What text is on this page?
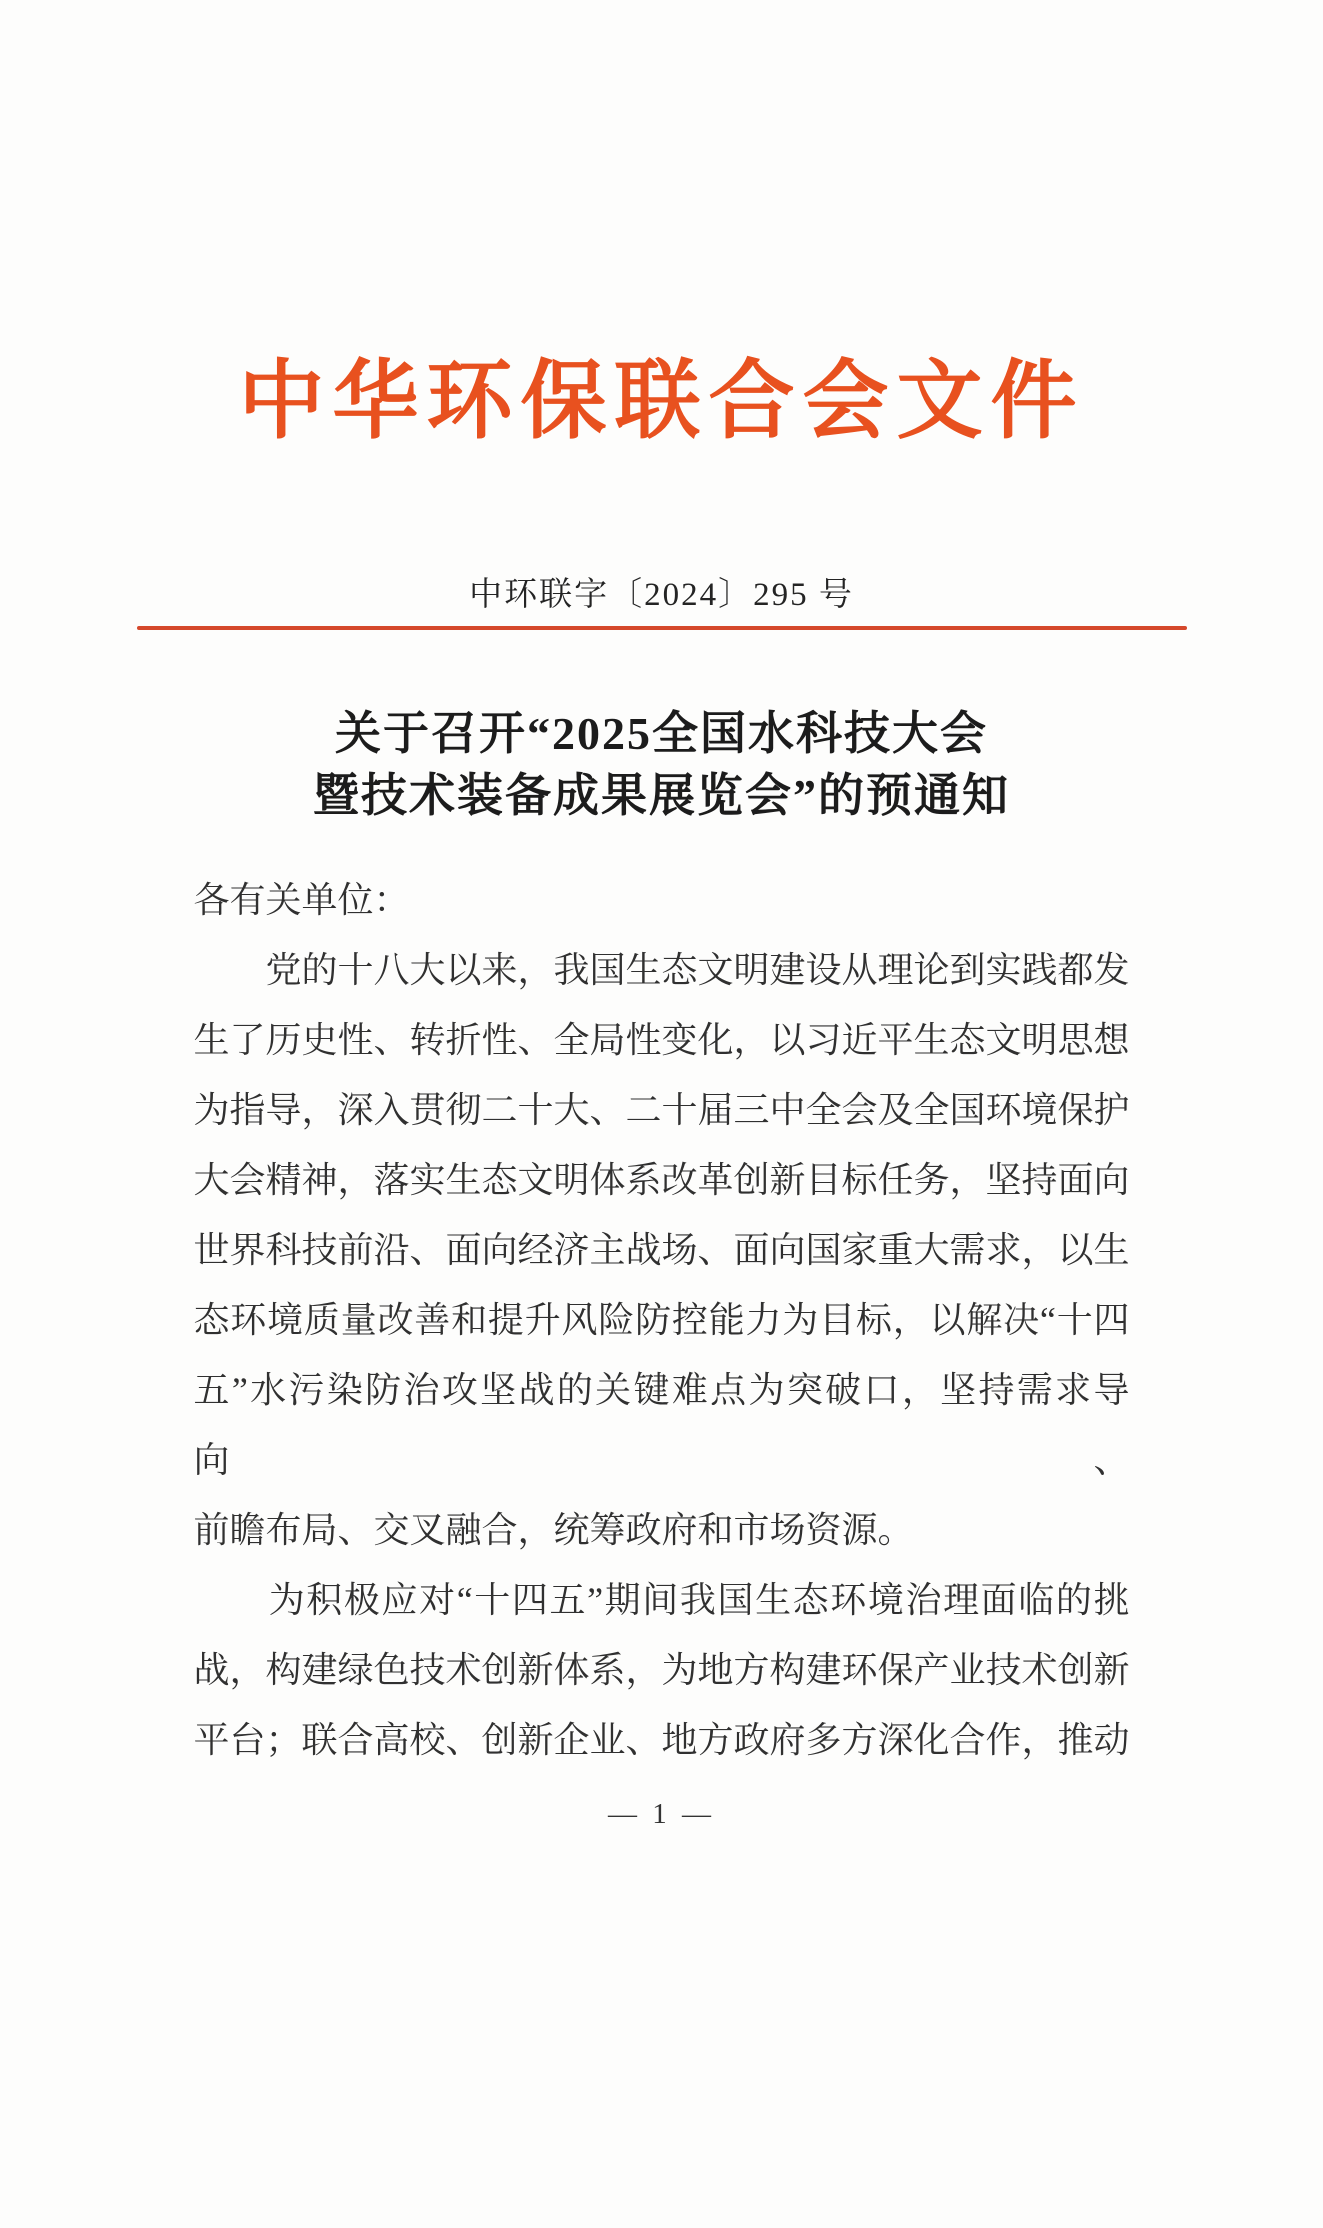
中华环保联合会文件
中环联字〔2024〕295 号
关于召开“2025全国水科技大会
暨技术装备成果展览会”的预通知
各有关单位：
　　党的十八大以来，我国生态文明建设从理论到实践都发
生了历史性、转折性、全局性变化，以习近平生态文明思想
为指导，深入贯彻二十大、二十届三中全会及全国环境保护
大会精神，落实生态文明体系改革创新目标任务，坚持面向
世界科技前沿、面向经济主战场、面向国家重大需求，以生
态环境质量改善和提升风险防控能力为目标，以解决“十四
五”水污染防治攻坚战的关键难点为突破口，坚持需求导向、
前瞻布局、交叉融合，统筹政府和市场资源。
　　为积极应对“十四五”期间我国生态环境治理面临的挑
战，构建绿色技术创新体系，为地方构建环保产业技术创新
平台；联合高校、创新企业、地方政府多方深化合作，推动
— 1 —
